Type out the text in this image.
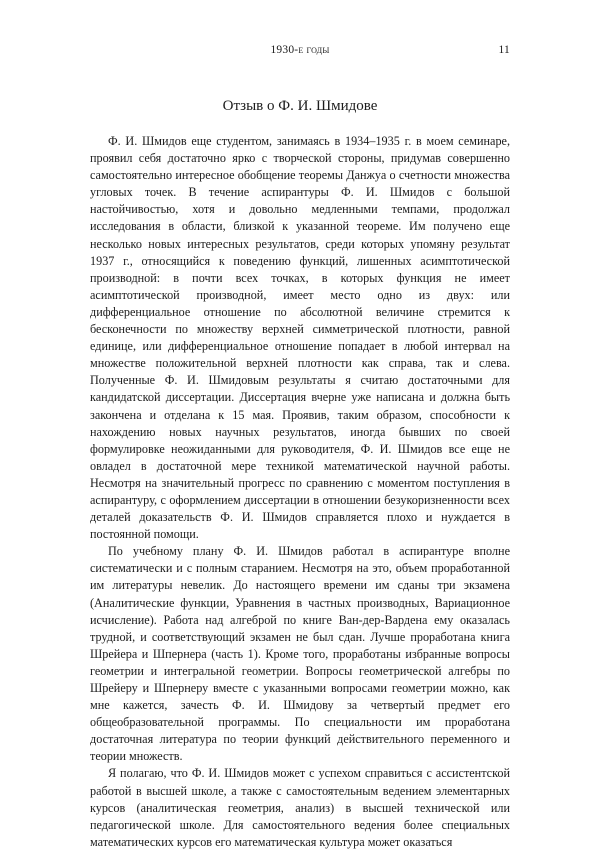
1930-е годы	11
Отзыв о Ф. И. Шмидове

Ф. И. Шмидов еще студентом, занимаясь в 1934–1935 г. в моем семинаре, проявил себя достаточно ярко с творческой стороны, придумав совершенно самостоятельно интересное обобщение теоремы Данжуа о счетности множества угловых точек. В течение аспирантуры Ф. И. Шмидов с большой настойчивостью, хотя и довольно медленными темпами, продолжал исследования в области, близкой к указанной теореме. Им получено еще несколько новых интересных результатов, среди которых упомяну результат 1937 г., относящийся к поведению функций, лишенных асимптотической производной: в почти всех точках, в которых функция не имеет асимптотической производной, имеет место одно из двух: или дифференциальное отношение по абсолютной величине стремится к бесконечности по множеству верхней симметрической плотности, равной единице, или дифференциальное отношение попадает в любой интервал на множестве положительной верхней плотности как справа, так и слева. Полученные Ф. И. Шмидовым результаты я считаю достаточными для кандидатской диссертации. Диссертация вчерне уже написана и должна быть закончена и отделана к 15 мая. Проявив, таким образом, способности к нахождению новых научных результатов, иногда бывших по своей формулировке неожиданными для руководителя, Ф. И. Шмидов все еще не овладел в достаточной мере техникой математической научной работы. Несмотря на значительный прогресс по сравнению с моментом поступления в аспирантуру, с оформлением диссертации в отношении безукоризненности всех деталей доказательств Ф. И. Шмидов справляется плохо и нуждается в постоянной помощи.

По учебному плану Ф. И. Шмидов работал в аспирантуре вполне систематически и с полным старанием. Несмотря на это, объем проработанной им литературы невелик. До настоящего времени им сданы три экзамена (Аналитические функции, Уравнения в частных производных, Вариационное исчисление). Работа над алгеброй по книге Ван-дер-Вардена ему оказалась трудной, и соответствующий экзамен не был сдан. Лучше проработана книга Шрейера и Шпернера (часть 1). Кроме того, проработаны избранные вопросы геометрии и интегральной геометрии. Вопросы геометрической алгебры по Шрейеру и Шпернеру вместе с указанными вопросами геометрии можно, как мне кажется, зачесть Ф. И. Шмидову за четвертый предмет его общеобразовательной программы. По специальности им проработана достаточная литература по теории функций действительного переменного и теории множеств.

Я полагаю, что Ф. И. Шмидов может с успехом справиться с ассистентской работой в высшей школе, а также с самостоятельным ведением элементарных курсов (аналитическая геометрия, анализ) в высшей технической или педагогической школе. Для самостоятельного ведения более специальных математических курсов его математическая культура может оказаться
